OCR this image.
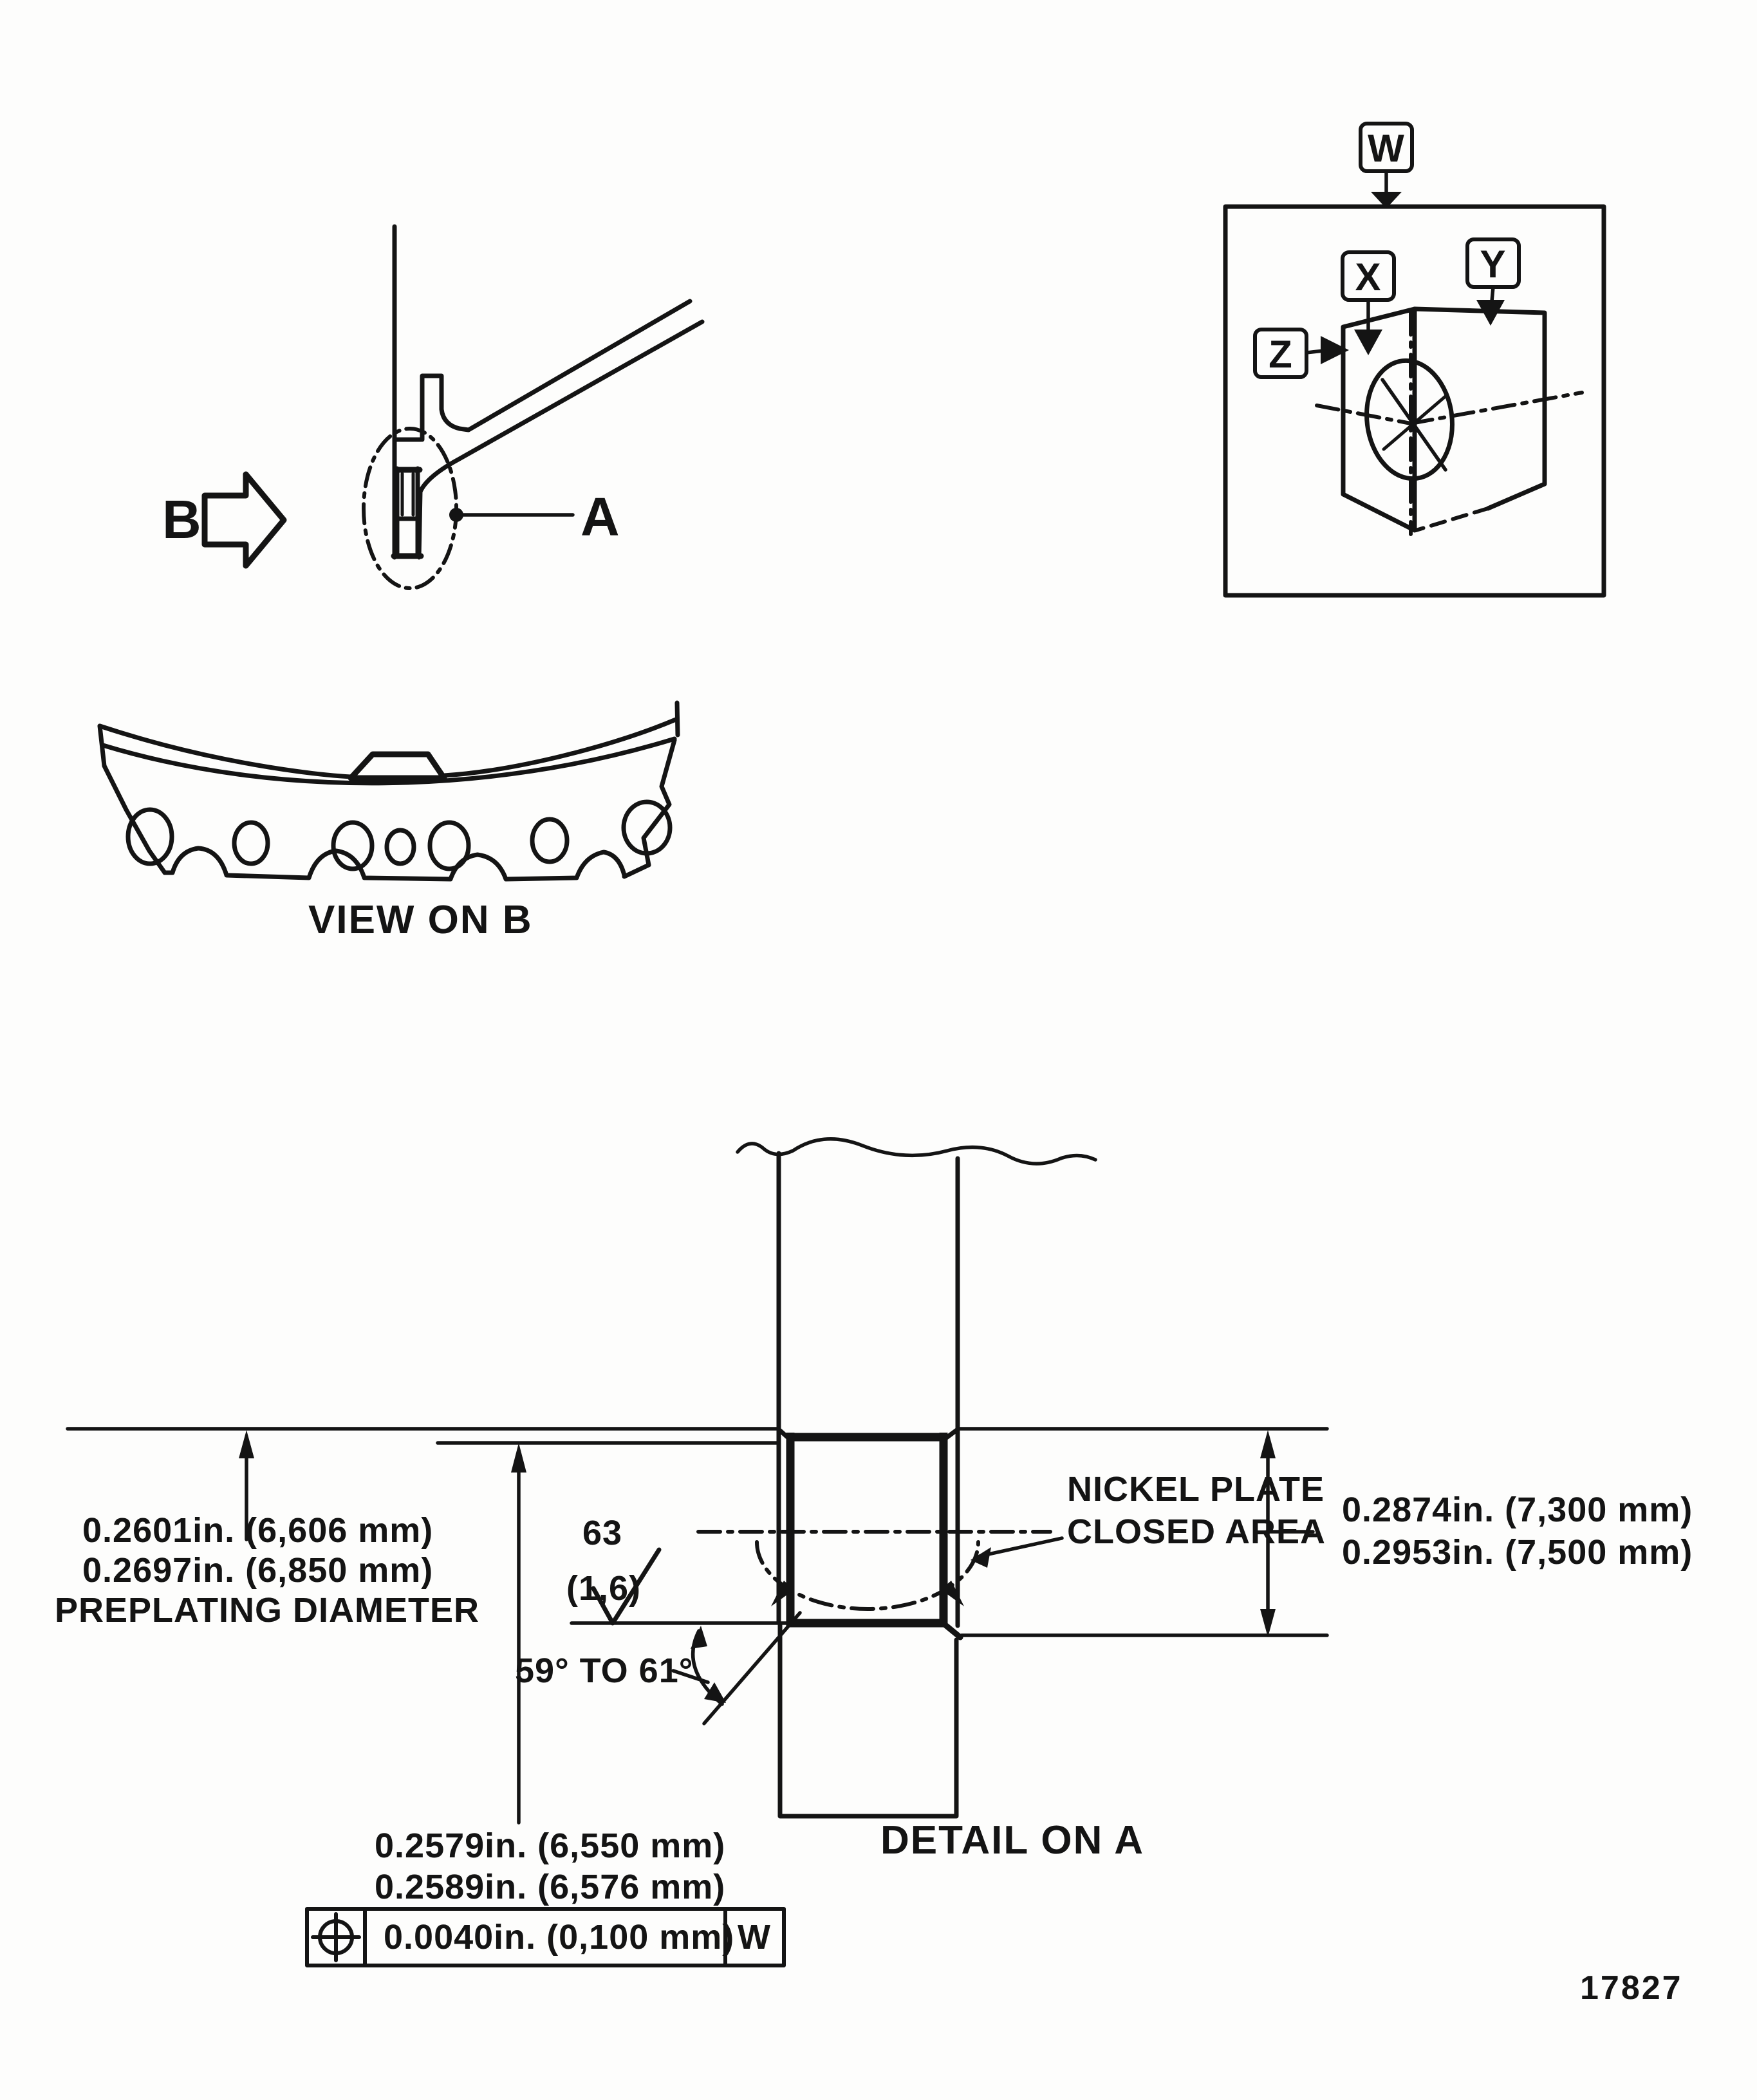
A
B
W
X	Y
Z
VIEW ON B
0.2601in. (6,606 mm)
0.2697in. (6,850 mm)
PREPLATING DIAMETER
63
(1,6)
59° TO 61°
NICKEL PLATE
CLOSED AREA
0.2874in. (7,300 mm)
0.2953in. (7,500 mm)
0.2579in. (6,550 mm)
0.2589in. (6,576 mm)
DETAIL ON A
0.0040in. (0,100 mm) W
17827
